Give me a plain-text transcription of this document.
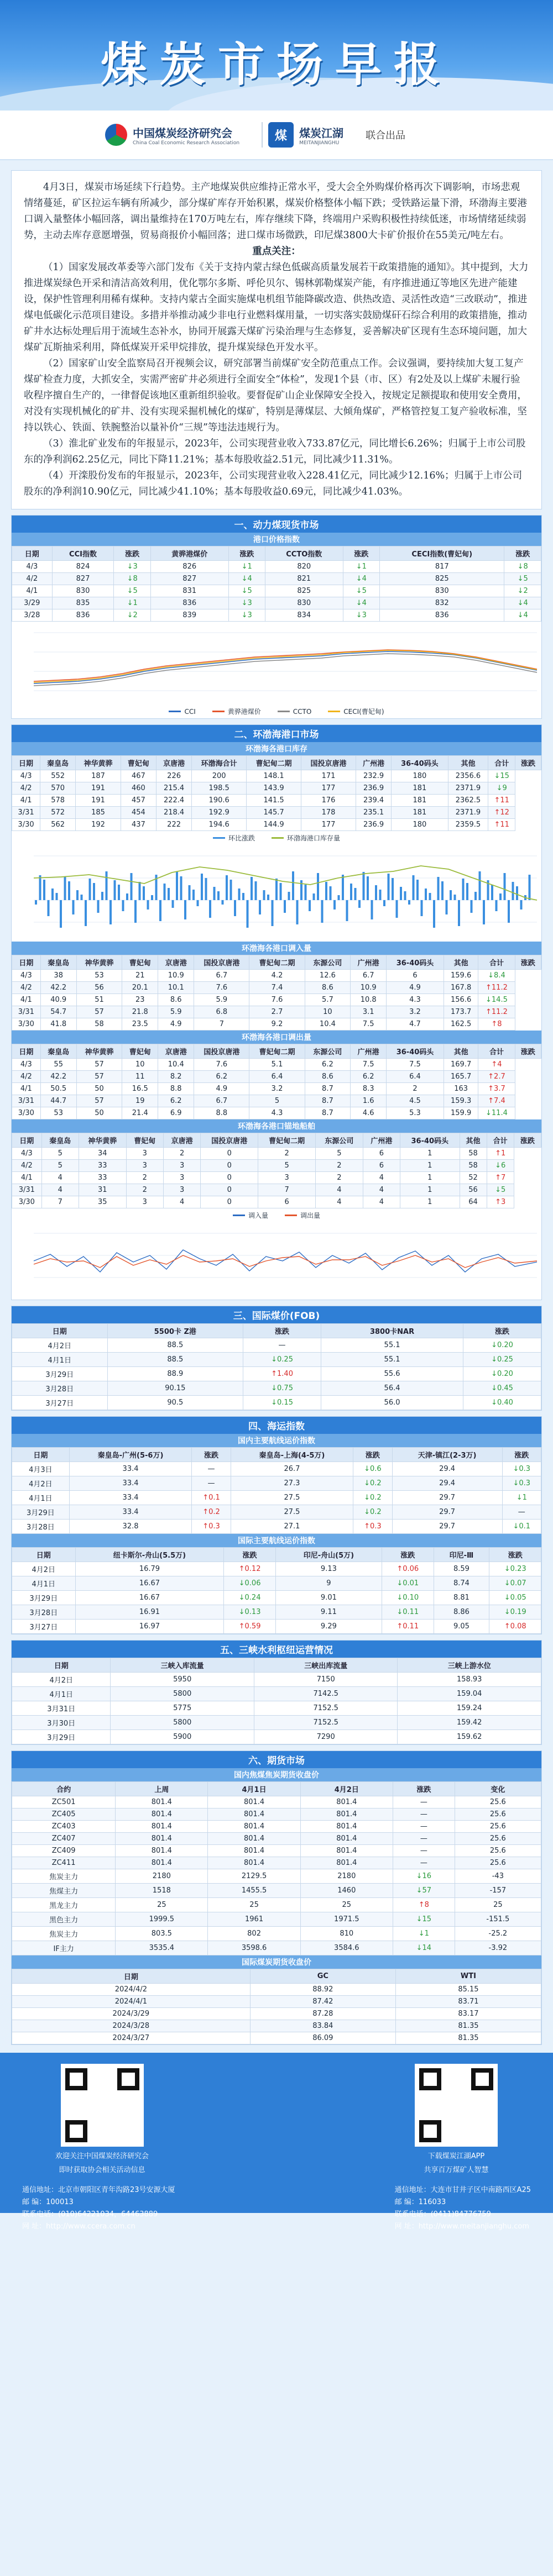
煤炭市场早报
中国煤炭经济研究会
China Coal Economic Research Association	煤	煤炭江湖
MEITANJIANGHU
联合出品

4月3日，煤炭市场延续下行趋势。主产地煤炭供应维持正常水平，受大会全外购煤价格再次下调影响，市场悲观情绪蔓延，矿区拉运车辆有所减少，部分煤矿库存开始积累，煤炭价格整体小幅下跌；受铁路运量下滑，环渤海主要港口调入量整体小幅回落，调出量维持在170万吨左右，库存继续下降，终端用户采购积极性持续低迷，市场情绪延续弱势，主动去库存意愿增强，贸易商报价小幅回落；进口煤市场微跌，印尼煤3800大卡矿价报价在55美元/吨左右。

重点关注：

（1）国家发展改革委等六部门发布《关于支持内蒙古绿色低碳高质量发展若干政策措施的通知》。其中提到，大力推进煤炭绿色开采和清洁高效利用，优化鄂尔多斯、呼伦贝尔、锡林郭勒煤炭产能，有序推进通辽等地区先进产能建设，保护性管理利用稀有煤种。支持内蒙古全面实施煤电机组节能降碳改造、供热改造、灵活性改造“三改联动”，推进煤电低碳化示范项目建设。多措并举推动减少非电行业燃料煤用量，一切实落实鼓励煤矸石综合利用的政策措施，推动矿井水达标处理后用于流域生态补水，协同开展露天煤矿污染治理与生态修复，妥善解决矿区现有生态环境问题，加大煤矿瓦斯抽采利用，降低煤炭开采甲烷排放，提升煤炭绿色开发水平。

（2）国家矿山安全监察局召开视频会议，研究部署当前煤矿安全防范重点工作。会议强调，要持续加大复工复产煤矿检查力度，大抓安全，实需严密矿井必须进行全面安全“体检”，发现1个县（市、区）有2处及以上煤矿未履行验收程序擅自生产的，一律督促该地区重新组织验收。要督促矿山企业保障安全投入，按规定足额提取和使用安全费用，对没有实现机械化的矿井、没有实现采掘机械化的煤矿，特别是薄煤层、大倾角煤矿，严格管控复工复产验收标准，坚持以铁心、铁面、铁腕整治以量补价“三规”等违法违规行为。

（3）淮北矿业发布的年报显示，2023年，公司实现营业收入733.87亿元，同比增长6.26%；归属于上市公司股东的净利润62.25亿元，同比下降11.21%；基本每股收益2.51元，同比减少11.31%。

（4）开滦股份发布的年报显示，2023年，公司实现营业收入228.41亿元，同比减少12.16%；归属于上市公司股东的净利润10.90亿元，同比减少41.10%；基本每股收益0.69元，同比减少41.03%。

一、动力煤现货市场
港口价格指数
日期	CCI指数	涨跌	黄骅港煤价	涨跌	CCTO指数	涨跌	CECI指数(曹妃甸)	涨跌
4/3	824	↓3	826	↓1	820	↓1	817	↓8
4/2	827	↓8	827	↓4	821	↓4	825	↓5
4/1	830	↓5	831	↓5	825	↓5	830	↓2
3/29	835	↓1	836	↓3	830	↓4	832	↓4
3/28	836	↓2	839	↓3	834	↓3	836	↓4
CCI	黄骅港煤价	CCTO	CECI(曹妃甸)
二、环渤海港口市场
环渤海各港口库存
日期	秦皇岛	神华黄骅	曹妃甸	京唐港	环渤海合计	曹妃甸二期	国投京唐港	广州港	36-40码头	其他	合计	涨跌
4/3	552	187	467	226	200	148.1	171	232.9	180	2356.6	↓15	
4/2	570	191	460	215.4	198.5	143.9	177	236.9	181	2371.9	↓9	
4/1	578	191	457	222.4	190.6	141.5	176	239.4	181	2362.5	↑11	
3/31	572	185	454	218.4	192.9	145.7	178	235.1	181	2371.9	↑12	
3/30	562	192	437	222	194.6	144.9	177	236.9	180	2359.5	↑11	
环比涨跌	环渤海港口库存量
环渤海各港口调入量
日期	秦皇岛	神华黄骅	曹妃甸	京唐港	国投京唐港	曹妃甸二期	东源公司	广州港	36-40码头	其他	合计	涨跌
4/3	38	53	21	10.9	6.7	4.2	12.6	6.7	6	159.6	↓8.4	
4/2	42.2	56	20.1	10.1	7.6	7.4	8.6	10.9	4.9	167.8	↑11.2	
4/1	40.9	51	23	8.6	5.9	7.6	5.7	10.8	4.3	156.6	↓14.5	
3/31	54.7	57	21.8	5.9	6.8	2.7	10	3.1	3.2	173.7	↑11.2	
3/30	41.8	58	23.5	4.9	7	9.2	10.4	7.5	4.7	162.5	↑8	
环渤海各港口调出量
日期	秦皇岛	神华黄骅	曹妃甸	京唐港	国投京唐港	曹妃甸二期	东源公司	广州港	36-40码头	其他	合计	涨跌
4/3	55	57	10	10.4	7.6	5.1	6.2	7.5	7.5	169.7	↑4	
4/2	42.2	57	11	8.2	6.2	6.4	8.6	6.2	6.4	165.7	↑2.7	
4/1	50.5	50	16.5	8.8	4.9	3.2	8.7	8.3	2	163	↑3.7	
3/31	44.7	57	19	6.2	6.7	5	8.7	1.6	4.5	159.3	↑7.4	
3/30	53	50	21.4	6.9	8.8	4.3	8.7	4.6	5.3	159.9	↓11.4	
环渤海各港口锚地船舶
日期	秦皇岛	神华黄骅	曹妃甸	京唐港	国投京唐港	曹妃甸二期	东源公司	广州港	36-40码头	其他	合计	涨跌
4/3	5	34	3	2	0	2	5	6	1	58	↑1	
4/2	5	33	3	3	0	5	2	6	1	58	↓6	
4/1	4	33	2	3	0	3	2	4	1	52	↑7	
3/31	4	31	2	3	0	7	4	4	1	56	↓5	
3/30	7	35	3	4	0	6	4	4	1	64	↑3	
调入量	调出量
三、国际煤价(FOB)
日期	5500卡 Z港	涨跌	3800卡NAR	涨跌
4月2日	88.5	—	55.1	↓0.20
4月1日	88.5	↓0.25	55.1	↓0.25
3月29日	88.9	↑1.40	55.6	↓0.20
3月28日	90.15	↓0.75	56.4	↓0.45
3月27日	90.5	↓0.15	56.0	↓0.40
四、海运指数
国内主要航线运价指数
日期	秦皇岛-广州(5-6万)	涨跌	秦皇岛-上海(4-5万)	涨跌	天津-镇江(2-3万)	涨跌
4月3日	33.4	—	26.7	↓0.6	29.4	↓0.3
4月2日	33.4	—	27.3	↓0.2	29.4	↓0.3
4月1日	33.4	↑0.1	27.5	↓0.2	29.7	↓1
3月29日	33.4	↑0.2	27.5	↓0.2	29.7	—
3月28日	32.8	↑0.3	27.1	↑0.3	29.7	↓0.1
国际主要航线运价指数
日期	纽卡斯尔-舟山(5.5万)	涨跌	印尼-舟山(5万)	涨跌	印尼-Ⅲ	涨跌
4月2日	16.79	↑0.12	9.13	↑0.06	8.59	↓0.23
4月1日	16.67	↓0.06	9	↓0.01	8.74	↓0.07
3月29日	16.67	↓0.24	9.01	↓0.10	8.81	↓0.05
3月28日	16.91	↓0.13	9.11	↓0.11	8.86	↓0.19
3月27日	16.97	↑0.59	9.29	↑0.11	9.05	↑0.08
五、三峡水利枢纽运营情况
日期	三峡入库流量	三峡出库流量	三峡上游水位
4月2日	5950	7150	158.93
4月1日	5800	7142.5	159.04
3月31日	5775	7152.5	159.24
3月30日	5800	7152.5	159.42
3月29日	5900	7290	159.62
六、期货市场
国内焦煤焦炭期货收盘价
合约	上周	4月1日	4月2日	涨跌	变化
ZC501	801.4	801.4	801.4	—	25.6
ZC405	801.4	801.4	801.4	—	25.6
ZC403	801.4	801.4	801.4	—	25.6
ZC407	801.4	801.4	801.4	—	25.6
ZC409	801.4	801.4	801.4	—	25.6
ZC411	801.4	801.4	801.4	—	25.6
焦炭主力	2180	2129.5	2180	↓16	-43
焦煤主力	1518	1455.5	1460	↓57	-157
黑龙主力	25	25	25	↑8	25
黑色主力	1999.5	1961	1971.5	↓15	-151.5
焦炭主力	803.5	802	810	↓1	-25.2
IF主力	3535.4	3598.6	3584.6	↓14	-3.92
国际煤炭期货收盘价
日期	GC	WTI
2024/4/2	88.92	85.15
2024/4/1	87.42	83.71
2024/3/29	87.28	83.17
2024/3/28	83.84	81.35
2024/3/27	86.09	81.35
欢迎关注中国煤炭经济研究会
即时获取协会相关活动信息
下载煤炭江湖APP
共享百万煤矿人智慧
通信地址：北京市朝阳区青年沟路23号安源大厦
邮 编：100013
联系电话：(010)64221034，64463889
网 址：http://www.ccera.com.cn
通信地址：大连市甘井子区中南路西区A25
邮 编：116033
联系电话：(0411)84776759
网 址：http://www.meitanjianghu.com
